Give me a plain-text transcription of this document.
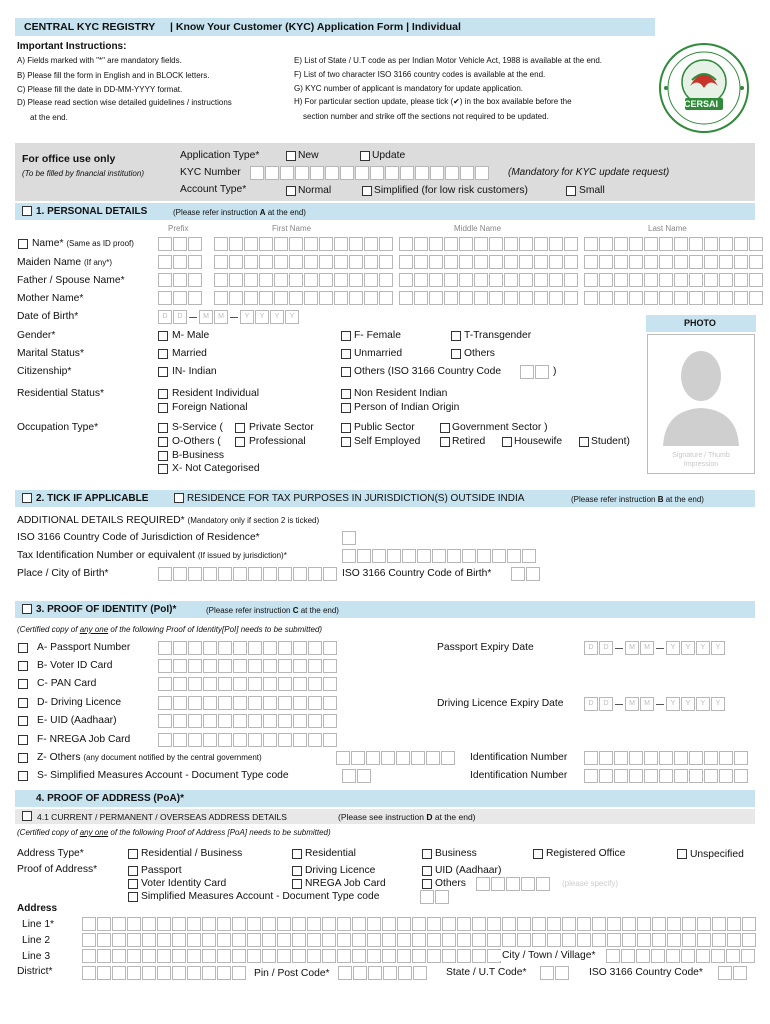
CENTRAL KYC REGISTRY | Know Your Customer (KYC) Application Form | Individual
Important Instructions:
A) Fields marked with "*" are mandatory fields.
B) Please fill the form in English and in BLOCK letters.
C) Please fill the date in DD-MM-YYYY format.
D) Please read section wise detailed guidelines / instructions
at the end.
E) List of State / U.T code as per Indian Motor Vehicle Act, 1988 is available at the end.
F) List of two character ISO 3166 country codes is available at the end.
G) KYC number of applicant is mandatory for update application.
H) For particular section update, please tick (✔) in the box available before the
section number and strike off the sections not required to be updated.
CERSAI
For office use only
(To be filled by financial institution)
Application Type*	New	Update
KYC Number	(Mandatory for KYC update request)
Account Type*	Normal	Simplified (for low risk customers)	Small
1. PERSONAL DETAILS	(Please refer instruction A at the end)
Prefix	First Name	Middle Name	Last Name
Name* (Same as ID proof)
Maiden Name (If any*)
Father / Spouse Name*
Mother Name*
Date of Birth*	D	D	M	M	Y	Y	Y	Y
Gender*	M- Male	F- Female	T-Transgender
Marital Status*	Married	Unmarried	Others
Citizenship*	IN- Indian	Others (ISO 3166 Country Code	)
Residential Status*	Resident Individual	Non Resident Indian
Foreign National	Person of Indian Origin
Occupation Type*	S-Service (	Private Sector	Public Sector	Government Sector )
O-Others (	Professional	Self Employed	Retired	Housewife	Student)
B-Business
X- Not Categorised
PHOTO
Signature / Thumb Impression
2. TICK IF APPLICABLE	RESIDENCE FOR TAX PURPOSES IN JURISDICTION(S) OUTSIDE INDIA	(Please refer instruction B at the end)
ADDITIONAL DETAILS REQUIRED* (Mandatory only if section 2 is ticked)
ISO 3166 Country Code of Jurisdiction of Residence*
Tax Identification Number or equivalent (If issued by jurisdiction)*
Place / City of Birth*	ISO 3166 Country Code of Birth*
3. PROOF OF IDENTITY (PoI)*	(Please refer instruction C at the end)
(Certified copy of any one of the following Proof of Identity[PoI] needs to be submitted)
A- Passport Number
B- Voter ID Card
C- PAN Card
D- Driving Licence
E- UID (Aadhaar)
F- NREGA Job Card
Z- Others (any document notified by the central government)
S- Simplified Measures Account - Document Type code
Passport Expiry Date	D	D	M	M	Y	Y	Y	Y
Driving Licence Expiry Date	D	D	M	M	Y	Y	Y	Y
Identification Number
Identification Number
4. PROOF OF ADDRESS (PoA)*
4.1 CURRENT / PERMANENT / OVERSEAS ADDRESS DETAILS	(Please see instruction D at the end)
(Certified copy of any one of the following Proof of Address [PoA] needs to be submitted)
Address Type*	Residential / Business	Residential	Business	Registered Office	Unspecified
Proof of Address*	Passport	Driving Licence	UID (Aadhaar)
Voter Identity Card	NREGA Job Card	Others	(please specify)
Simplified Measures Account - Document Type code
Address
Line 1*
Line 2
Line 3
District*
City / Town / Village*
Pin / Post Code*	State / U.T Code*	ISO 3166 Country Code*
